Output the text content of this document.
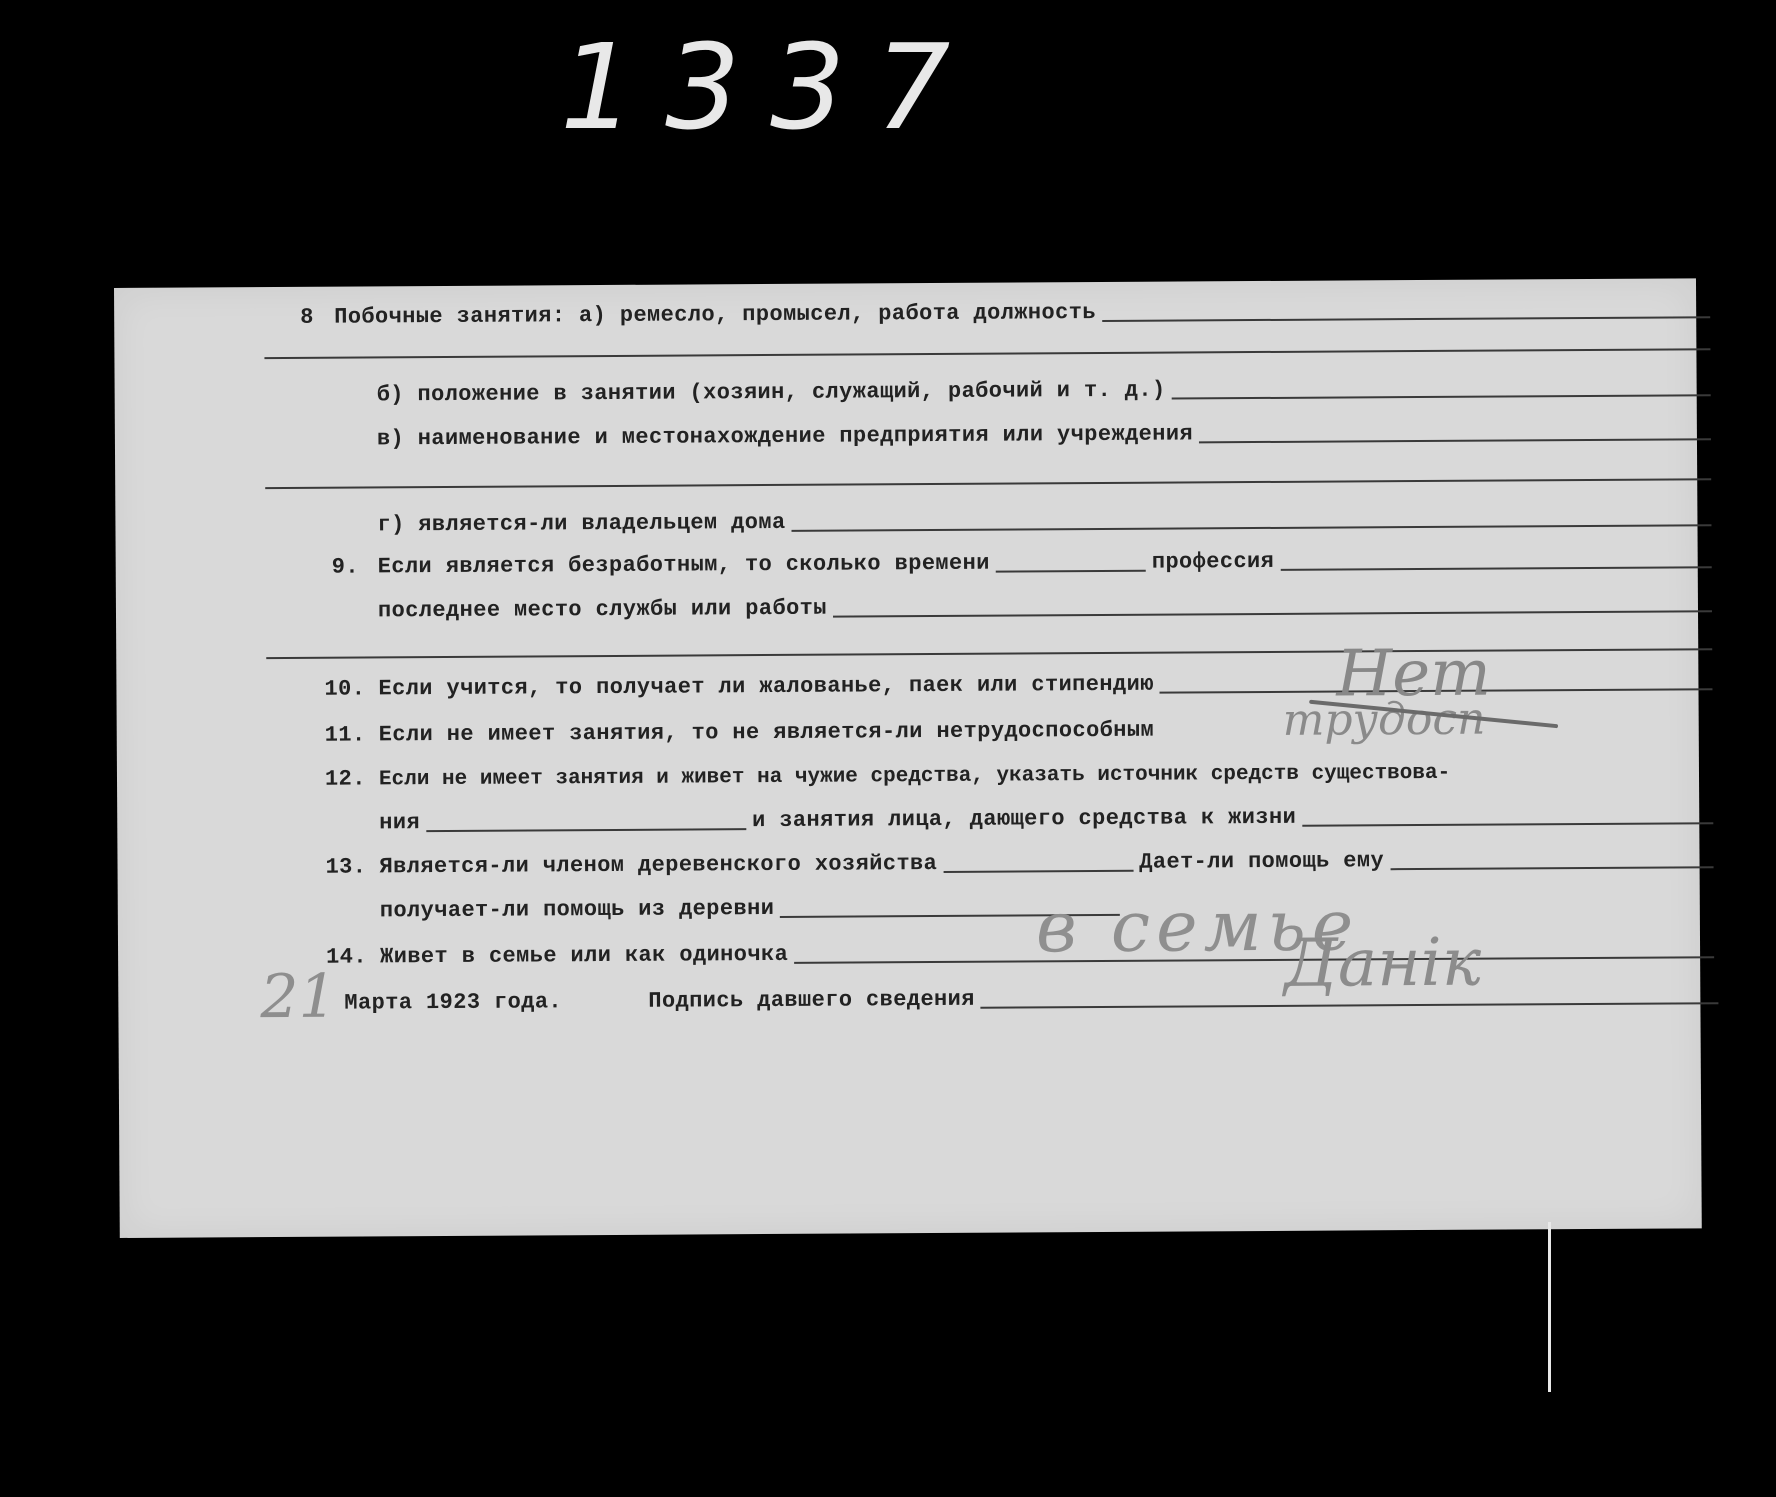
1337
8 Побочные занятия: а) ремесло, промысел, работа должность
б) положение в занятии (хозяин, служащий, рабочий и т. д.)
в) наименование и местонахождение предприятия или учреждения
г) является-ли владельцем дома
9. Если является безработным, то сколько времени	профессия
последнее место службы или работы
10. Если учится, то получает ли жалованье, паек или стипендию	Нет
11. Если не имеет занятия, то не является-ли нетрудоспособным	трудосп
12. Если не имеет занятия и живет на чужие средства, указать источник средств существова-
ния	и занятия лица, дающего средства к жизни
13. Является-ли членом деревенского хозяйства	Дает-ли помощь ему
получает-ли помощь из деревни
14. Живет в семье или как одиночка	в семье
21 Марта 1923 года.	Подпись давшего сведения	Данік
